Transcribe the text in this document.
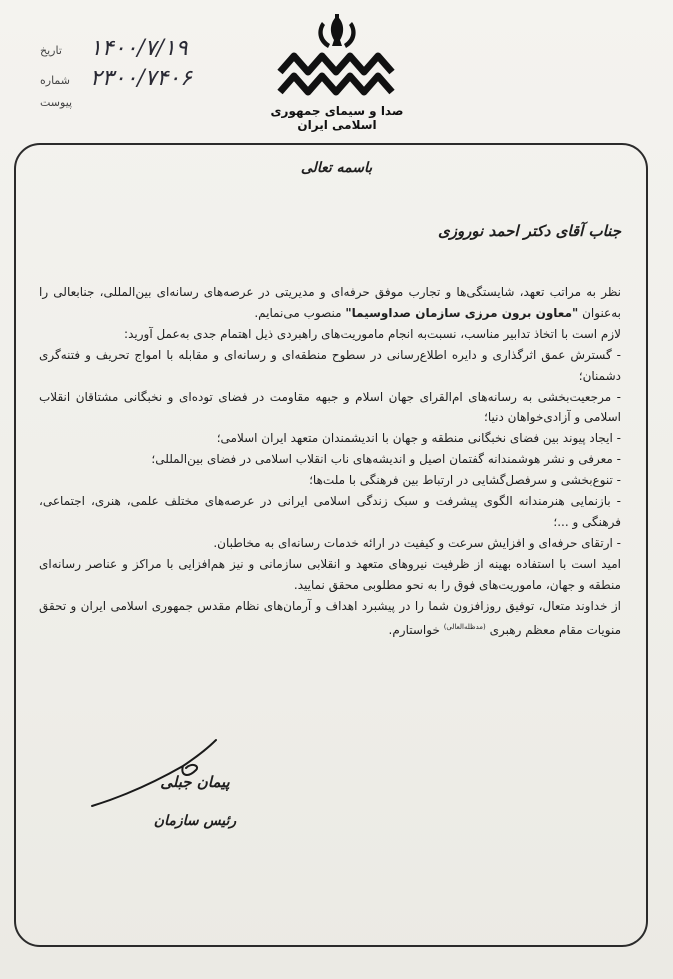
۱۴۰۰/۷/۱۹
تاریخ
۲۳۰۰/۷۴۰۶
شماره
پیوست
صدا و سیمای جمهوری اسلامی ایران
باسمه تعالی
جناب آقای دکتر احمد نوروزی

نظر به مراتب تعهد، شایستگی‌ها و تجارب موفق حرفه‌ای و مدیریتی در عرصه‌های رسانه‌ای بین‌المللی، جنابعالی را به‌عنوان "معاون برون مرزی سازمان صداوسیما" منصوب می‌نمایم.

لازم است با اتخاذ تدابیر مناسب، نسبت‌به انجام ماموریت‌های راهبردی ذیل اهتمام جدی به‌عمل آورید:

- گسترش عمق اثرگذاری و دایره اطلاع‌رسانی در سطوح منطقه‌ای و رسانه‌ای و مقابله با امواج تحریف و فتنه‌گری دشمنان؛

- مرجعیت‌بخشی به رسانه‌های ام‌القرای جهان اسلام و جبهه مقاومت در فضای توده‌ای و نخبگانی مشتاقان انقلاب اسلامی و آزادی‌خواهان دنیا؛

- ایجاد پیوند بین فضای نخبگانی منطقه و جهان با اندیشمندان متعهد ایران اسلامی؛

- معرفی و نشر هوشمندانه گفتمان اصیل و اندیشه‌های ناب انقلاب اسلامی در فضای بین‌المللی؛

- تنوع‌بخشی و سرفصل‌گشایی در ارتباط بین فرهنگی با ملت‌ها؛

- بازنمایی هنرمندانه الگوی پیشرفت و سبک زندگی اسلامی ایرانی در عرصه‌های مختلف علمی، هنری، اجتماعی، فرهنگی و ...؛

- ارتقای حرفه‌ای و افزایش سرعت و کیفیت در ارائه خدمات رسانه‌ای به مخاطبان.

امید است با استفاده بهینه از ظرفیت نیروهای متعهد و انقلابی سازمانی و نیز هم‌افزایی با مراکز و عناصر رسانه‌ای منطقه و جهان، ماموریت‌های فوق را به نحو مطلوبی محقق نمایید.

از خداوند متعال، توفیق روزافزون شما را در پیشبرد اهداف و آرمان‌های نظام مقدس جمهوری اسلامی ایران و تحقق منویات مقام معظم رهبری $^{(مدظله‌العالی)}$ خواستارم.

پیمان جبلی
رئیس سازمان
